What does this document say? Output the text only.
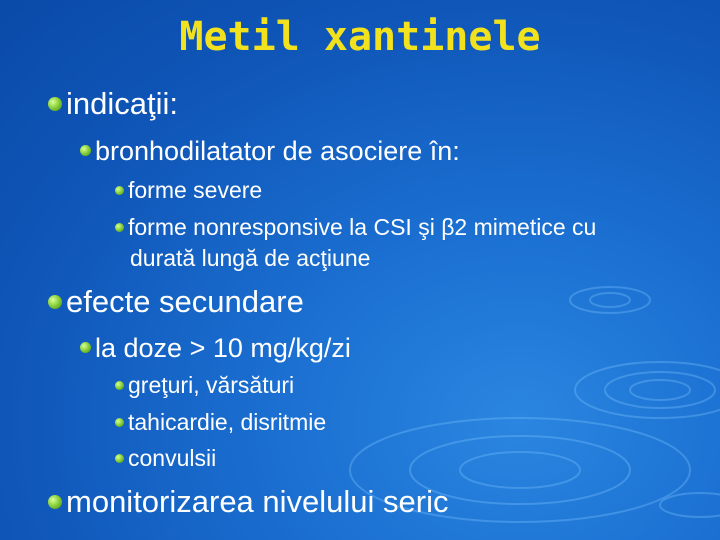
Metil xantinele
indicaţii:
bronhodilatator de asociere în:
forme severe
forme nonresponsive la CSI şi β2 mimetice cu
durată lungă de acţiune
efecte secundare
la doze > 10 mg/kg/zi
greţuri, vărsături
tahicardie, disritmie
convulsii
monitorizarea nivelului seric
